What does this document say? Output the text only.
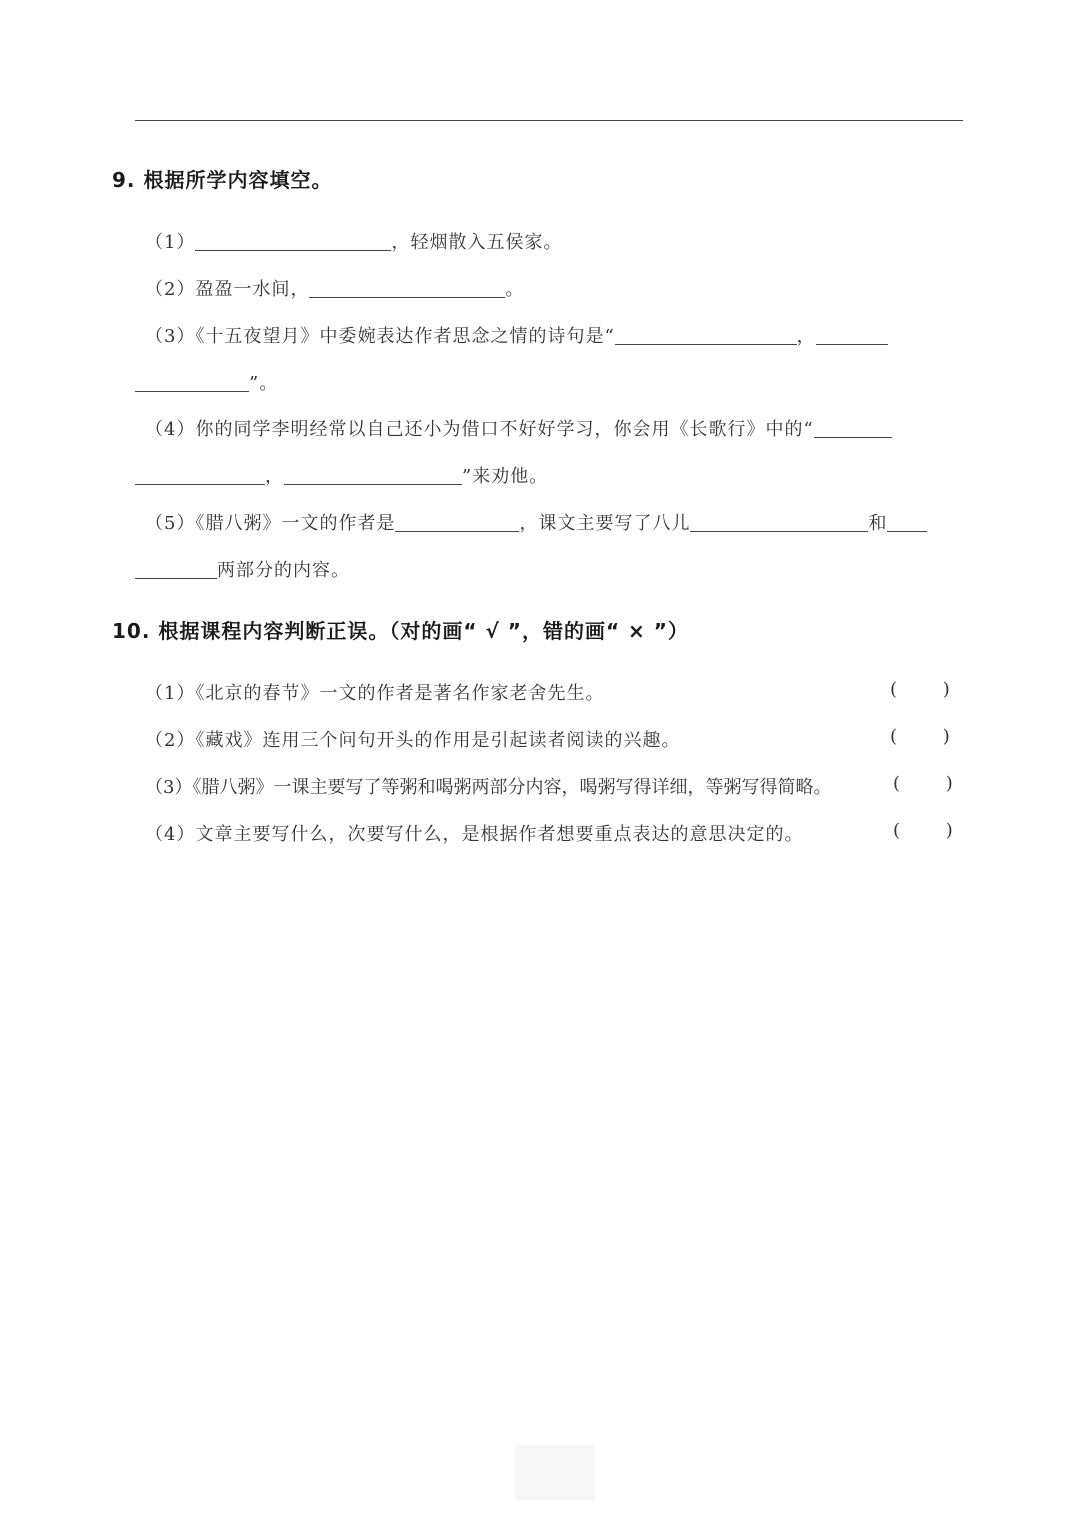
9. 根据所学内容填空。
（1）	，轻烟散入五侯家。
（2）盈盈一水间，	。
（3）《十五夜望月》中委婉表达作者思念之情的诗句是“	，
”。
（4）你的同学李明经常以自己还小为借口不好好学习，你会用《长歌行》中的“
，	”来劝他。
（5）《腊八粥》一文的作者是	，课文主要写了八儿	和
两部分的内容。
10. 根据课程内容判断正误。（对的画“ √ ”，错的画“ × ”）
（1）《北京的春节》一文的作者是著名作家老舍先生。	(        )
（2）《藏戏》连用三个问句开头的作用是引起读者阅读的兴趣。	(        )
（3）《腊八粥》一课主要写了等粥和喝粥两部分内容，喝粥写得详细，等粥写得简略。	(        )
（4）文章主要写什么，次要写什么，是根据作者想要重点表达的意思决定的。	(        )
